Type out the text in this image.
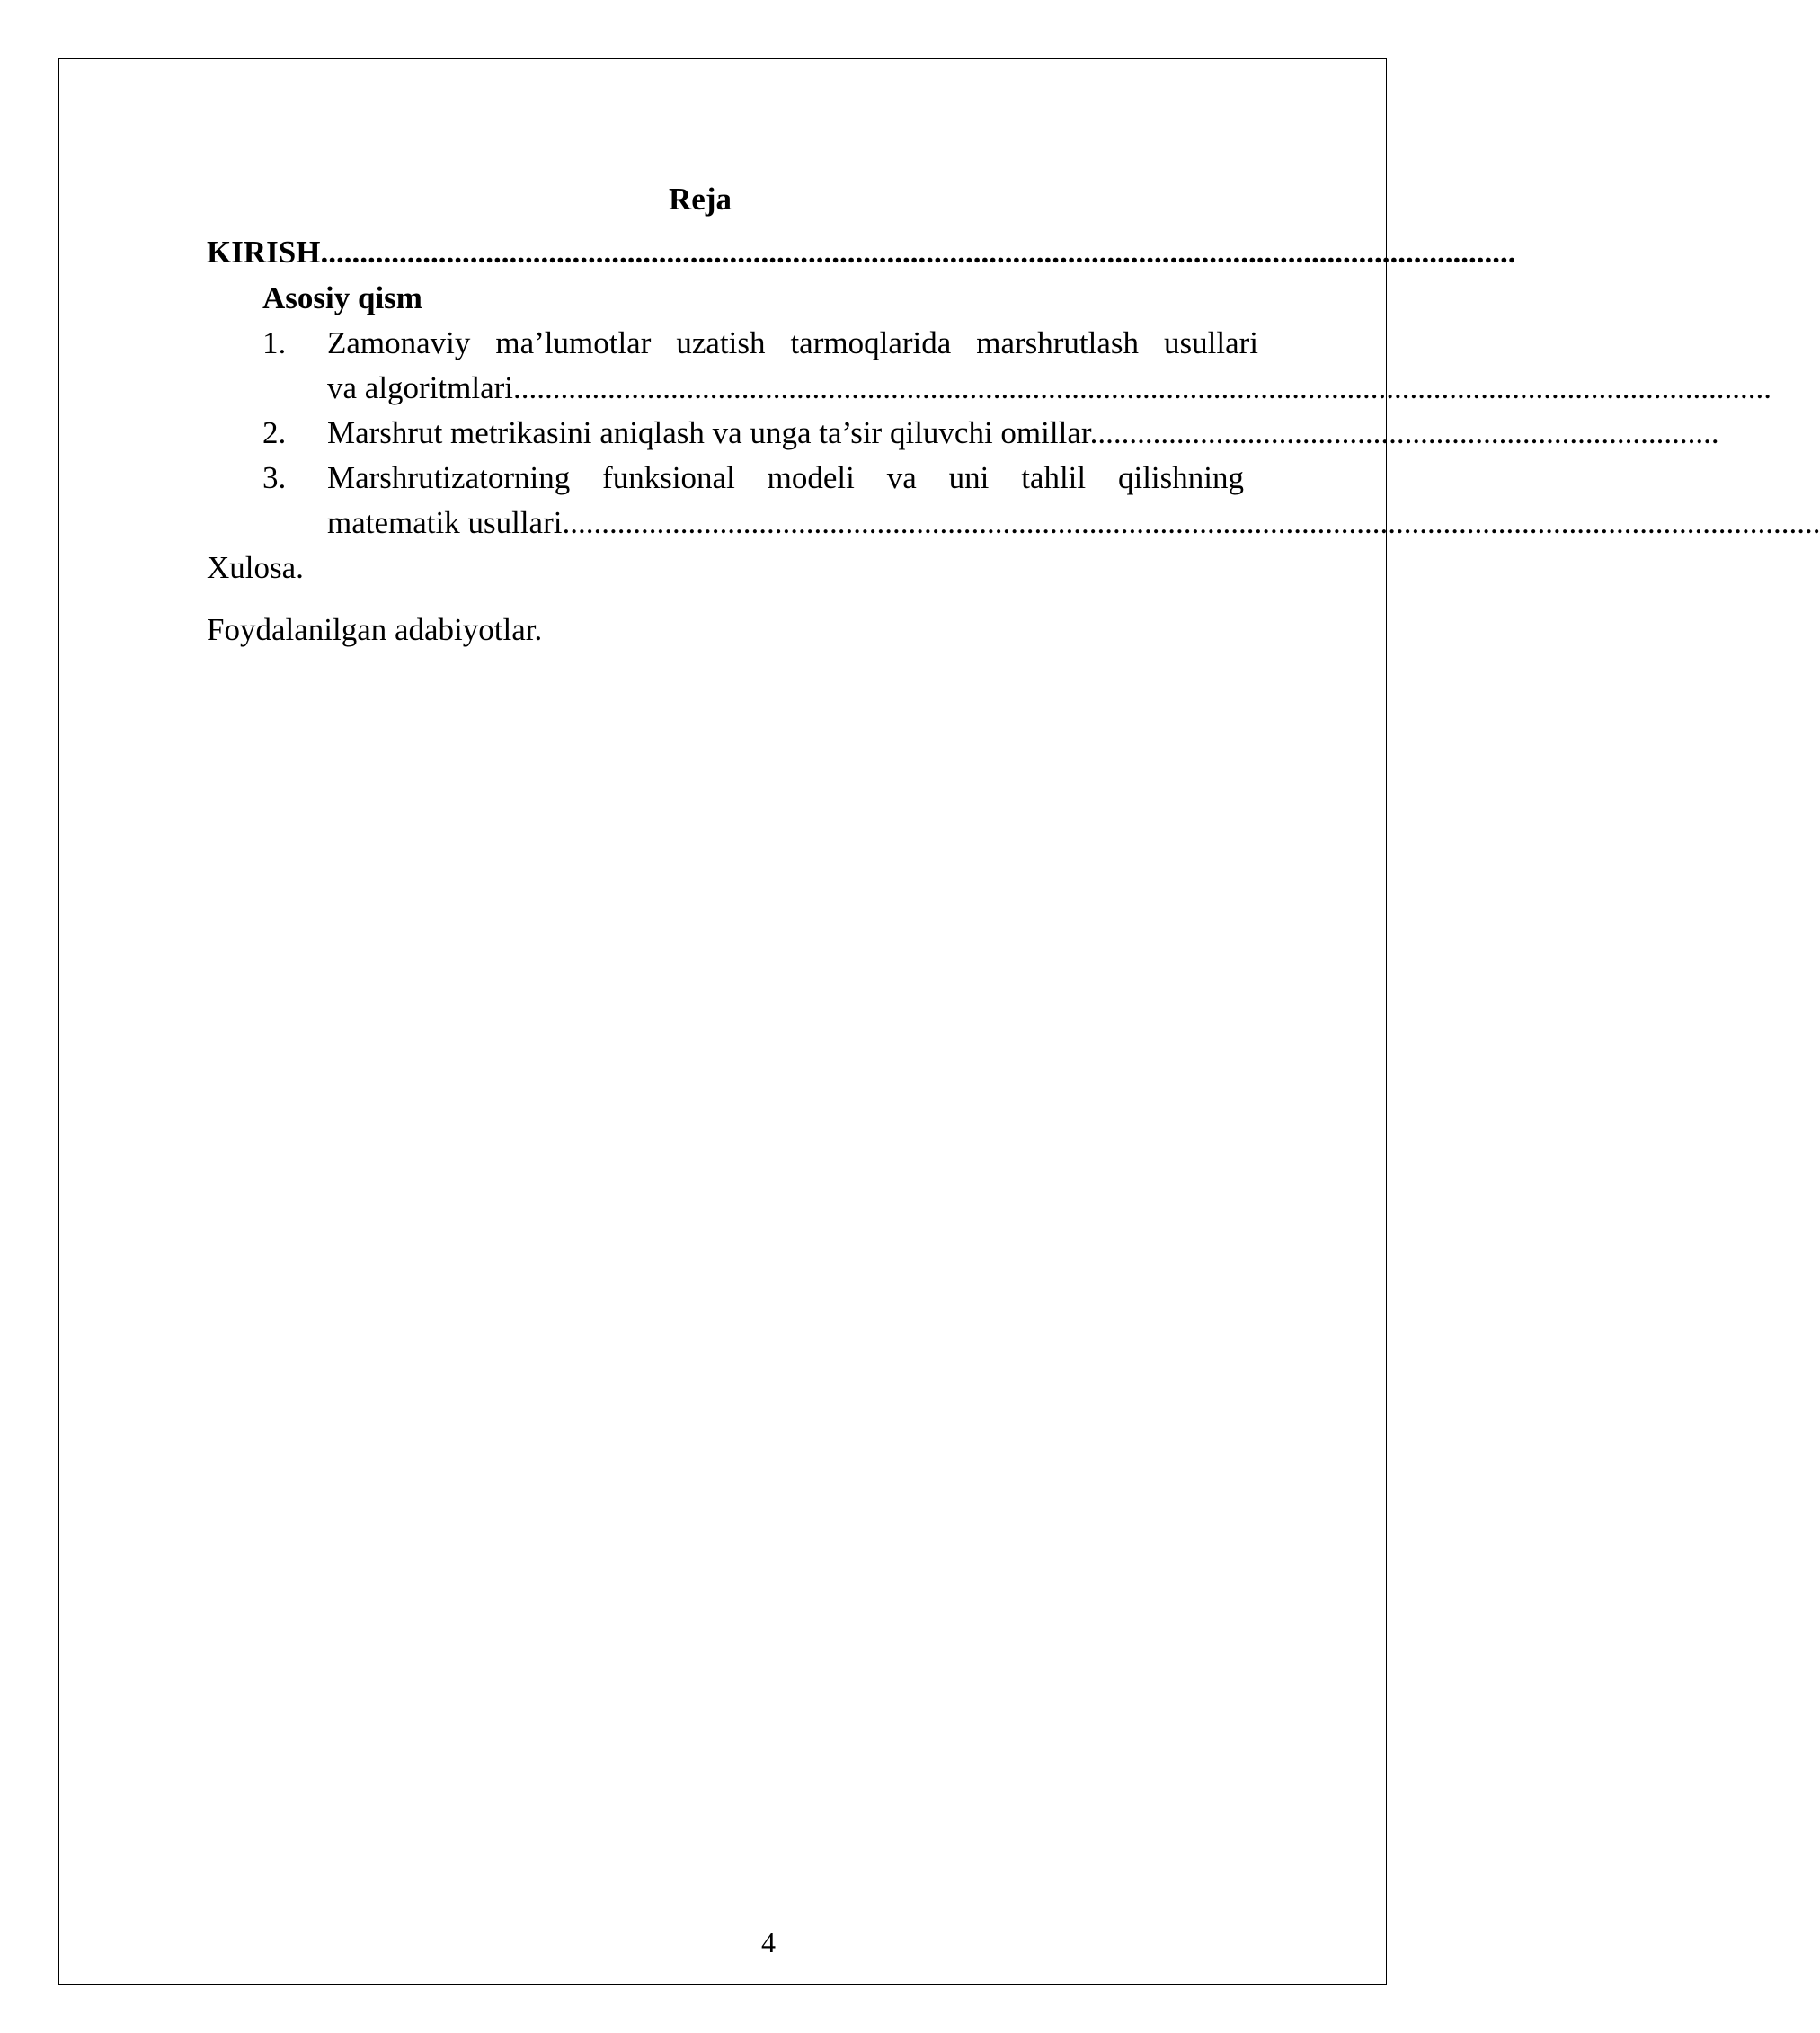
Reja
KIRISH........................................................................................................................................................
Asosiy qism
1. Zamonaviy ma’lumotlar uzatish tarmoqlarida marshrutlash usullari
va algoritmlari................................................................................................................................................................
2. Marshrut metrikasini aniqlash va unga ta’sir qiluvchi omillar................................................................................
3. Marshrutizatorning funksional modeli va uni tahlil qilishning
matematik usullari................................................................................................................................................................
Xulosa.
Foydalanilgan adabiyotlar.
4
